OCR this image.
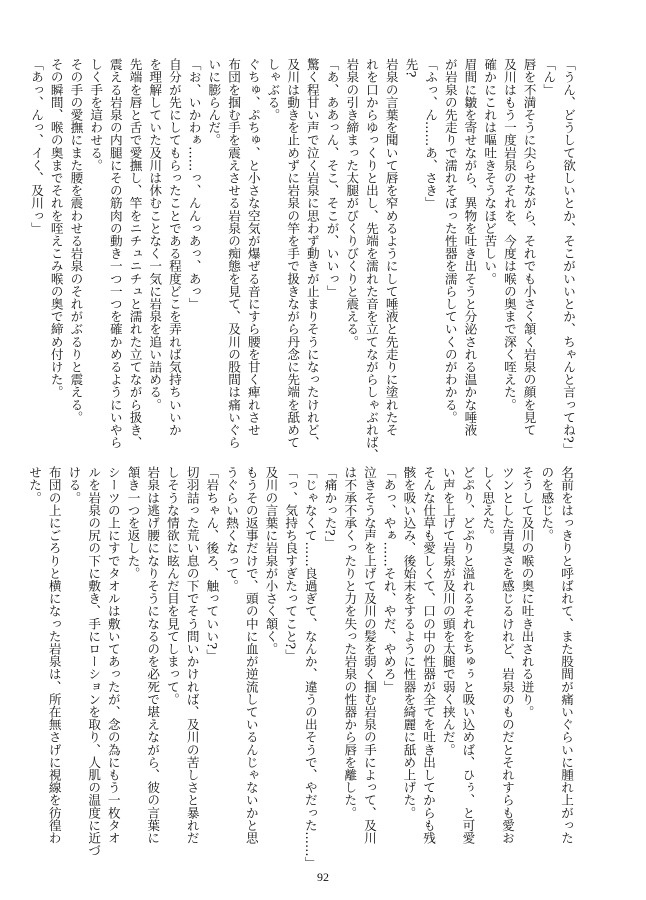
「うん、どうして欲しいとか、そこがいいとか、ちゃんと言ってね?」
「ん」
唇を不満そうに尖らせながら、それでも小さく頷く岩泉の顔を見て
及川はもう一度岩泉のそれを、今度は喉の奥まで深く咥えた。
確かにこれは嘔吐きそうなほど苦しい。
眉間に皺を寄せながら、異物を吐き出そうと分泌される温かな唾液
が岩泉の先走りで濡れそぼった性器を濡らしていくのがわかる。
「ふっ、ん……あ、さき」
先?
岩泉の言葉を聞いて唇を窄めるようにして唾液と先走りに塗れたそ
れを口からゆっくりと出し、先端を濡れた音を立てながらしゃぶれば、
岩泉の引き締まった太腿がびくりびくりと震える。
「あ、ああっん、そこ、そこが、いいっ」
驚く程甘い声で泣く岩泉に思わず動きが止まりそうになったけれど、
及川は動きを止めずに岩泉の竿を手で扱きながら丹念に先端を舐めて
しゃぶる。
ぐちゅ、ぷちゅ、と小さな空気が爆ぜる音にすら腰を甘く痺れさせ
布団を掴む手を震えさせる岩泉の痴態を見て、及川の股間は痛いぐら
いに膨らんだ。
「お、いかわぁ……っ、んんっあっ、あっ」
自分が先にしてもらったことである程度どこを弄れば気持ちいいか
を理解していた及川は休むことなく一気に岩泉を追い詰める。
先端を唇と舌で愛撫し、竿をニチュニチュと濡れた立てながら扱き、
震える岩泉の内腿にその筋肉の動き一つ一つを確かめるようにいやら
しく手を這わせる。
その手の愛撫にまた腰を震わせる岩泉のそれがぶるりと震える。
その瞬間、喉の奥までそれを咥えこみ喉の奥で締め付けた。
「あっ、んっ、イく、及川っ」
名前をはっきりと呼ばれて、また股間が痛いぐらいに腫れ上がった
のを感じた。
そうして及川の喉の奥に吐き出される迸り。
ツンとした青臭さを感じるけれど、岩泉のものだとそれすらも愛お
しく思えた。
どぷり、どぷりと溢れるそれをちゅぅと吸い込めば、ひぅ、と可愛
い声を上げて岩泉が及川の頭を太腿で弱く挟んだ。
そんな仕草も愛しくて、口の中の性器が全てを吐き出してからも残
骸を吸い込み、後始末をするように性器を綺麗に舐め上げた。
「あっ、やぁ……それ、やだ、やめろ」
泣きそうな声を上げて及川の髪を弱く掴む岩泉の手によって、及川
は不承不承くったりと力を失った岩泉の性器から唇を離した。
「痛かった?」
「じゃなくて……良過ぎて、なんか、違うの出そうで、やだった……」
「っ、気持ち良すぎたってこと?」
及川の言葉に岩泉が小さく頷く。
もうその返事だけで、頭の中に血が逆流しているんじゃないかと思
うぐらい熱くなって。
「岩ちゃん、後ろ、触っていい?」
切羽詰った荒い息の下でそう問いかければ、及川の苦しさと暴れだ
しそうな情欲に眩んだ目を見てしまって。
岩泉は逃げ腰になりそうになるのを必死で堪えながら、彼の言葉に
頷き一つを返した。
シーツの上にすでタオルは敷いてあったが、念の為にもう一枚タオ
ルを岩泉の尻の下に敷き、手にローションを取り、人肌の温度に近づ
ける。
布団の上にごろりと横になった岩泉は、所在無さげに視線を彷徨わ
せた。
92
